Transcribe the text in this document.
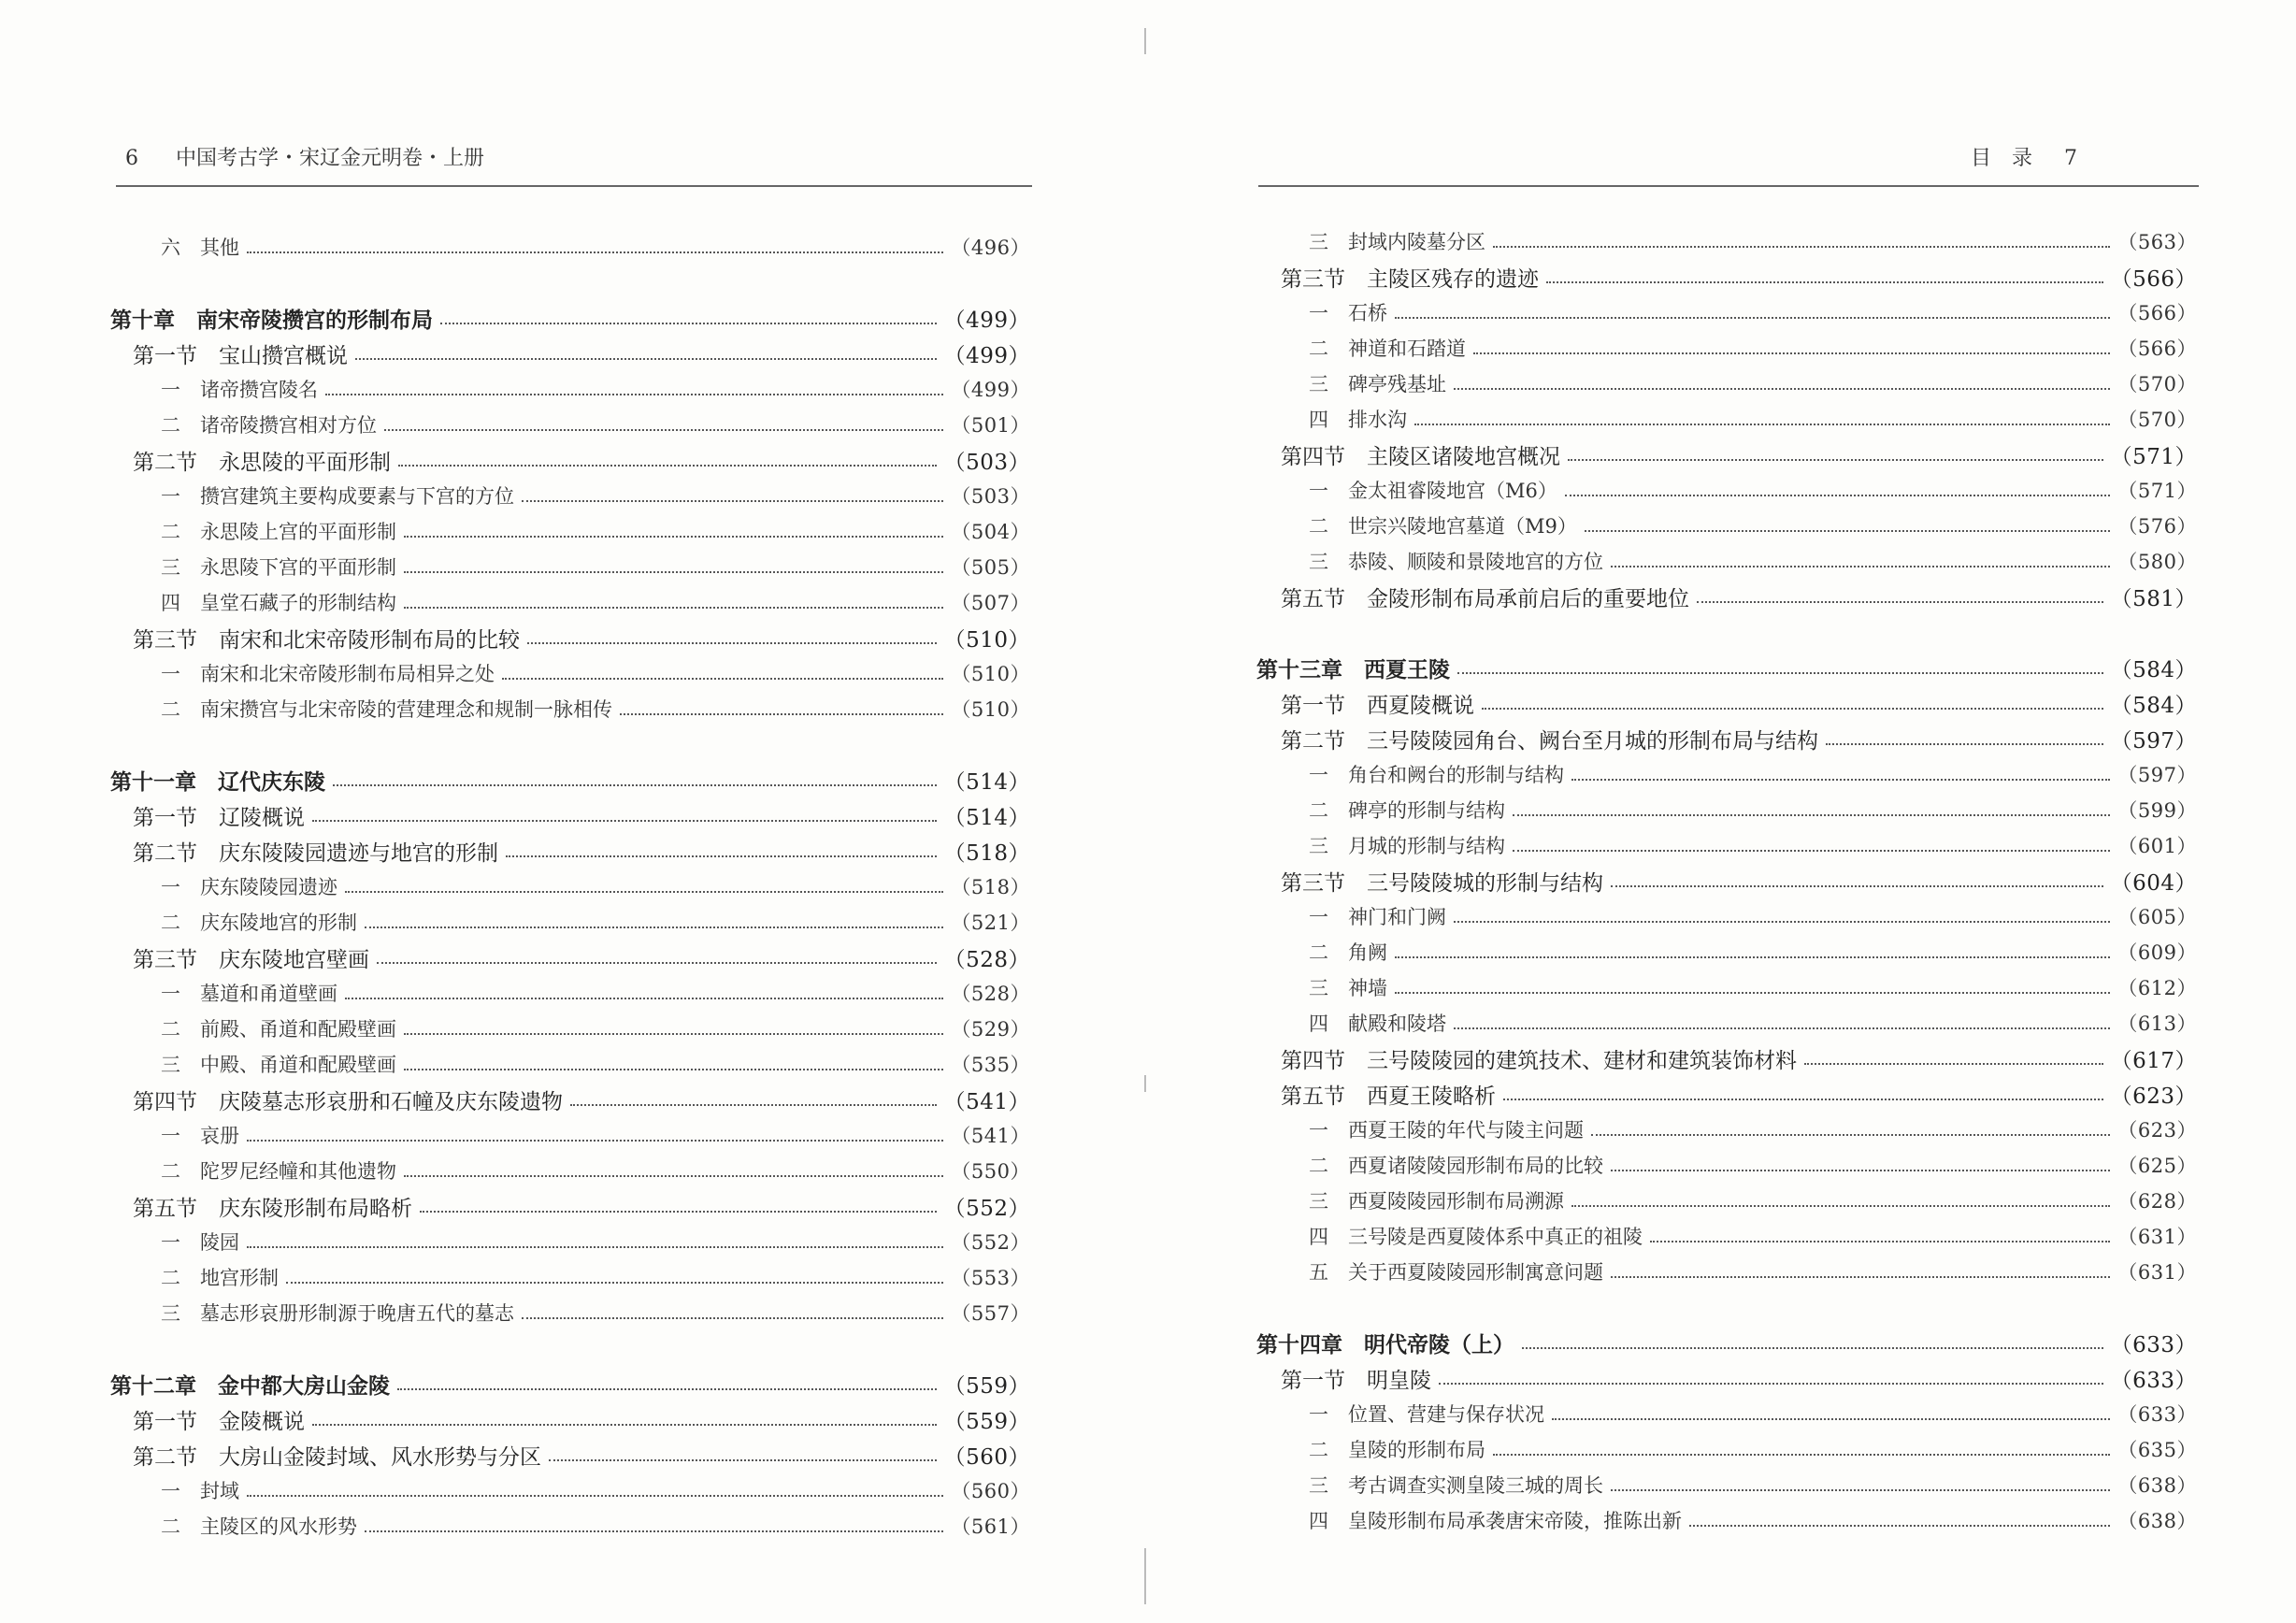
6 中国考古学・宋辽金元明卷・上册
六　其他	（496）
第十章　南宋帝陵攒宫的形制布局	（499）
第一节　宝山攒宫概说	（499）
一　诸帝攒宫陵名	（499）
二　诸帝陵攒宫相对方位	（501）
第二节　永思陵的平面形制	（503）
一　攒宫建筑主要构成要素与下宫的方位	（503）
二　永思陵上宫的平面形制	（504）
三　永思陵下宫的平面形制	（505）
四　皇堂石藏子的形制结构	（507）
第三节　南宋和北宋帝陵形制布局的比较	（510）
一　南宋和北宋帝陵形制布局相异之处	（510）
二　南宋攒宫与北宋帝陵的营建理念和规制一脉相传	（510）
第十一章　辽代庆东陵	（514）
第一节　辽陵概说	（514）
第二节　庆东陵陵园遗迹与地宫的形制	（518）
一　庆东陵陵园遗迹	（518）
二　庆东陵地宫的形制	（521）
第三节　庆东陵地宫壁画	（528）
一　墓道和甬道壁画	（528）
二　前殿、甬道和配殿壁画	（529）
三　中殿、甬道和配殿壁画	（535）
第四节　庆陵墓志形哀册和石幢及庆东陵遗物	（541）
一　哀册	（541）
二　陀罗尼经幢和其他遗物	（550）
第五节　庆东陵形制布局略析	（552）
一　陵园	（552）
二　地宫形制	（553）
三　墓志形哀册形制源于晚唐五代的墓志	（557）
第十二章　金中都大房山金陵	（559）
第一节　金陵概说	（559）
第二节　大房山金陵封域、风水形势与分区	（560）
一　封域	（560）
二　主陵区的风水形势	（561）
目　录 7
三　封域内陵墓分区	（563）
第三节　主陵区残存的遗迹	（566）
一　石桥	（566）
二　神道和石踏道	（566）
三　碑亭残基址	（570）
四　排水沟	（570）
第四节　主陵区诸陵地宫概况	（571）
一　金太祖睿陵地宫（M6）	（571）
二　世宗兴陵地宫墓道（M9）	（576）
三　恭陵、顺陵和景陵地宫的方位	（580）
第五节　金陵形制布局承前启后的重要地位	（581）
第十三章　西夏王陵	（584）
第一节　西夏陵概说	（584）
第二节　三号陵陵园角台、阙台至月城的形制布局与结构	（597）
一　角台和阙台的形制与结构	（597）
二　碑亭的形制与结构	（599）
三　月城的形制与结构	（601）
第三节　三号陵陵城的形制与结构	（604）
一　神门和门阙	（605）
二　角阙	（609）
三　神墙	（612）
四　献殿和陵塔	（613）
第四节　三号陵陵园的建筑技术、建材和建筑装饰材料	（617）
第五节　西夏王陵略析	（623）
一　西夏王陵的年代与陵主问题	（623）
二　西夏诸陵陵园形制布局的比较	（625）
三　西夏陵陵园形制布局溯源	（628）
四　三号陵是西夏陵体系中真正的祖陵	（631）
五　关于西夏陵陵园形制寓意问题	（631）
第十四章　明代帝陵（上）	（633）
第一节　明皇陵	（633）
一　位置、营建与保存状况	（633）
二　皇陵的形制布局	（635）
三　考古调查实测皇陵三城的周长	（638）
四　皇陵形制布局承袭唐宋帝陵，推陈出新	（638）
